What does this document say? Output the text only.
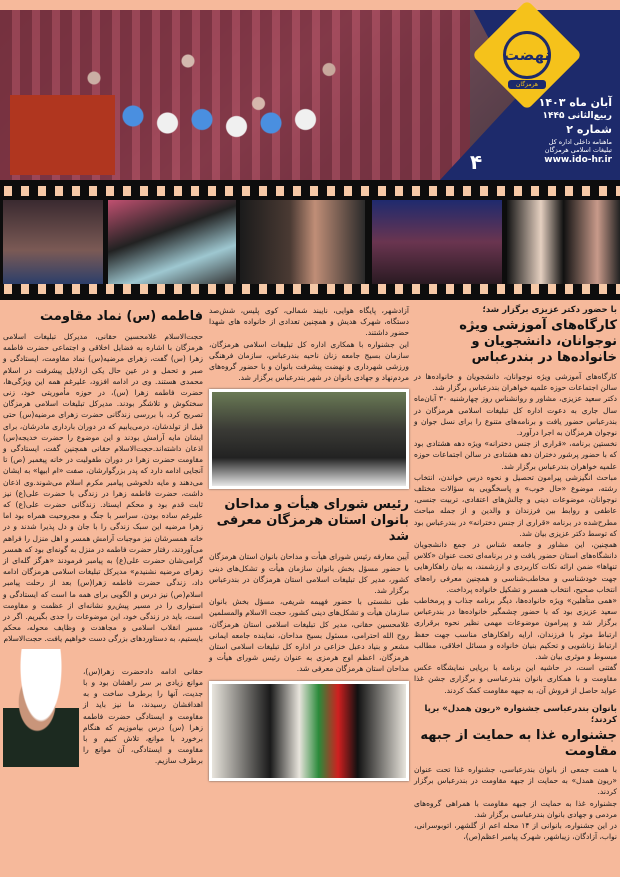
نهضت
هرمزگان
آبان ماه ۱۴۰۳
ربیع‌الثانی ۱۴۴۵
شماره ۲
ماهنامه داخلی اداره کل
تبلیغات اسلامی هرمزگان
www.ido-hr.ir
۴
با حضور دکتر عزیزی برگزار شد؛
کارگاه‌های آموزشی ویژه نوجوانان، دانشجویان و خانواده‌ها در بندرعباس

کارگاه‌های آموزشی ویژه نوجوانان، دانشجویان و خانواده‌ها در سالن اجتماعات حوزه علمیه خواهران بندرعباس برگزار شد.

دکتر سعید عزیزی، مشاور و روانشناس روز چهارشنبه ۳۰ آبان‌ماه سال جاری به دعوت اداره کل تبلیغات اسلامی هرمزگان در بندرعباس حضور یافت و برنامه‌های متنوع را برای نسل جوان و نوجوان هرمزگان به اجرا درآورد.

نخستین برنامه، «قراری از جنس دخترانه» ویژه دهه هشتادی بود که با حضور پرشور دختران دهه هشتادی در سالن اجتماعات حوزه علمیه خواهران بندرعباس برگزار شد.

مباحث انگیزشی پیرامون تحصیل و نحوه درس خواندن، انتخاب رشته، موضوع «حال خوب» و پاسخگویی به سؤالات مختلف نوجوانان، موضوعات دینی و چالش‌های اعتقادی، تربیت جنسی، عاطفی و روابط بین فرزندان و والدین و از جمله مباحث مطرح‌شده در برنامه «قراری از جنس دخترانه» در بندرعباس بود که توسط دکتر عزیزی بیان شد.

همچنین، این مشاور و جامعه شناس در جمع دانشجویان دانشگاه‌های استان حضور یافت و در برنامه‌ای تحت عنوان «کلاس تنهاها» ضمن ارائه نکات کاربردی و ارزشمند، به بیان راهکارهایی جهت خودشناسی و مخاطب‌شناسی و همچنین معرفی راه‌های انتخاب صحیح، انتخاب همسر و تشکیل خانواده پرداخت.

«همی متأهلین» ویژه خانواده‌ها، دیگر برنامه جذاب و پرمخاطب سعید عزیزی بود که با حضور چشمگیر خانواده‌ها در بندرعباس برگزار شد و پیرامون موضوعات مهمی نظیر نحوه برقراری ارتباط موثر با فرزندان، ارایه راهکارهای مناسب جهت حفظ ارتباط زناشویی و تحکیم بنیان خانواده و مسائل اخلاقی، مطالب مبسوط و موثری بیان شد.

گفتنی است، در حاشیه این برنامه با برپایی نمایشگاه عکس مقاومت و با همکاری بانوان بندرعباسی و برگزاری جشن غذا عواید حاصل از فروش آن، به جبهه مقاومت کمک کردند.

بانوان بندرعباسی جشنواره «ریون همدل» برپا کردند؛
جشنواره غذا به حمایت از جبهه مقاومت

با همت جمعی از بانوان بندرعباسی، جشنواره غذا تحت عنوان «ریون همدل» به حمایت از جبهه مقاومت در بندرعباس برگزار کردند.

جشنواره غذا به حمایت از جبهه مقاومت با همراهی گروه‌های مردمی و جهادی بانوان بندرعباسی برگزار شد.

در این جشنواره، بانوانی از ۱۴ محله اعم از گلشهر، اتوبوسرانی، نواب، آزادگان، زیباشهر، شهرک پیامبر اعظم(ص)،

آزادشهر، پایگاه هوایی، نایبند شمالی، کوی پلیس، شش‌صد دستگاه، شهرک هدیش و همچنین تعدادی از خانواده های شهدا حضور داشتند.

این جشنواره با همکاری اداره کل تبلیغات اسلامی هرمزگان، سازمان بسیج جامعه زنان ناحیه بندرعباس، سازمان فرهنگی ورزشی شهرداری و نهضت پیشرفت بانوان و با حضور گروه‌های مردم‌نهاد و جهادی بانوان در شهر بندرعباس برگزار شد.

رئیس شورای هیأت و مداحان بانوان استان هرمزگان معرفی شد

آیین معارفه رئیس شورای هیأت و مداحان بانوان استان هرمزگان با حضور مسؤل بخش بانوان سازمان هیأت و تشکل‌های دینی کشور، مدیر کل تبلیغات اسلامی استان هرمزگان در بندرعباس برگزار شد.

طی نشستی با حضور فهیمه شریفی، مسؤل بخش بانوان سازمان هیأت و تشکل‌های دینی کشور، حجت الاسلام والمسلمین غلامحسین حقانی، مدیر کل تبلیغات اسلامی استان هرمزگان، روح الله احترامی، مسئول بسیج مداحان، نماینده جامعه ایمانی مشعر و بنیاد دعبل خزاعی در اداره کل تبلیغات اسلامی استان هرمزگان، اعظم اوج هرمزی به عنوان رئیس شورای هیأت و مداحان استان هرمزگان معرفی شد.

فاطمه (س) نماد مقاومت

حجت‌الاسلام غلامحسین حقانی، مدیرکل تبلیغات اسلامی هرمزگان با اشاره به فضایل اخلاقی و اجتماعی حضرت فاطمه زهرا (س) گفت، زهرای مرضیه(س) نماد مقاومت، ایستادگی و صبر و تحمل و در عین حال یکی ازدلایل پیشرفت در اسلام محمدی هستند. وی در ادامه افزود، علیرغم همه این ویژگی‌ها، حضرت فاطمه زهرا (س)، در حوزه مأموریتی خود، زنی سختکوش و تلاشگر بودند. مدیرکل تبلیغات اسلامی هرمزگان تصریح کرد، با بررسی زندگانی حضرت زهرای مرضیه(س) حتی قبل از تولدشان، درمی‌یابیم که در دوران بارداری مادرشان، برای ایشان مایه آرامش بودند و این موضوع را حضرت خدیجه(س) اذعان داشته‌اند.حجت‌الاسلام حقانی همچنین گفت، ایستادگی و مقاومت حضرت زهرا در دوران طفولیت در خانه پیغمبر (ص) تا آنجایی ادامه دارد که پدر بزرگوارشان، صفت «ام ابیها» به ایشان می‌دهند و مایه دلخوشی پیامبر مکرم اسلام می‌شوند.وی اذعان داشت، حضرت فاطمه زهرا در زندگی با حضرت علی(ع) نیز ثابت قدم بود و محکم ایستاد. زندگانی حضرت علی(ع) که علیرغم ساده بودن، سراسر با جنگ و مجروحیت همراه بود اما زهرا مرضیه این سبک زندگی را با جان و دل پذیرا شدند و در خانه همسرشان نیز موجبات آرامش همسر و اهل منزل را فراهم می‌آوردند، رفتار حضرت فاطمه در منزل به گونه‌ای بود که همسر گرامی‌شان حضرت علی(ع) به پیامبر فرمودند «هرگز گله‌ای از زهرای مرضیه نشنیدم» مدیرکل تبلیغات اسلامی هرمزگان ادامه داد، زندگی حضرت فاطمه زهرا(س) بعد از رحلت پیامبر اسلام(ص) نیز درس و الگویی برای همه ما است که ایستادگی و استواری را در مسیر پیش‌رو نشانه‌ای از عظمت و مقاومت است، باید در زندگی خود، این موضوعات را جدی بگیریم. اگر در مسیر انقلاب اسلامی و مجاهدت و وظایف محوله، محکم بایستیم، به دستاوردهای بزرگی دست خواهیم یافت. حجت‌الاسلام

حقانی ادامه دادحضرت زهرا(س)، موانع زیادی بر سر راهشان بود و با جدیت، آنها را برطرف ساخت و به اهدافشان رسیدند، ما نیز باید از مقاومت و ایستادگی حضرت فاطمه زهرا (س) درس بیاموزیم که هنگام برخورد با موانع، تلاش کنیم و با مقاومت و ایستادگی، آن موانع را برطرف سازیم.
